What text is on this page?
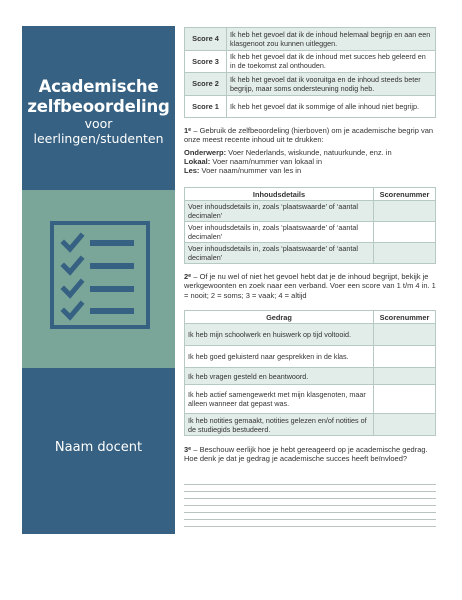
Academische
zelfbeoordeling
voor
leerlingen/studenten
Naam docent
Score 4	Ik heb het gevoel dat ik de inhoud helemaal begrijp en aan een klasgenoot zou kunnen uitleggen.
Score 3	Ik heb het gevoel dat ik de inhoud met succes heb geleerd en in de toekomst zal onthouden.
Score 2	Ik heb het gevoel dat ik vooruitga en de inhoud steeds beter begrijp, maar soms ondersteuning nodig heb.
Score 1	Ik heb het gevoel dat ik sommige of alle inhoud niet begrijp.
1e – Gebruik de zelfbeoordeling (hierboven) om je academische begrip van onze meest recente inhoud uit te drukken:
Onderwerp: Voer Nederlands, wiskunde, natuurkunde, enz. in
Lokaal: Voer naam/nummer van lokaal in
Les: Voer naam/nummer van les in
Inhoudsdetails	Scorenummer
Voer inhoudsdetails in, zoals ‘plaatswaarde’ of ‘aantal decimalen’	
Voer inhoudsdetails in, zoals ‘plaatswaarde’ of ‘aantal decimalen’	
Voer inhoudsdetails in, zoals ‘plaatswaarde’ of ‘aantal decimalen’	
2e – Of je nu wel of niet het gevoel hebt dat je de inhoud begrijpt, bekijk je werkgewoonten en zoek naar een verband. Voer een score van 1 t/m 4 in. 1 = nooit; 2 = soms; 3 = vaak; 4 = altijd
Gedrag	Scorenummer
Ik heb mijn schoolwerk en huiswerk op tijd voltooid.	
Ik heb goed geluisterd naar gesprekken in de klas.	
Ik heb vragen gesteld en beantwoord.	
Ik heb actief samengewerkt met mijn klasgenoten, maar alleen wanneer dat gepast was.	
Ik heb notities gemaakt, notities gelezen en/of notities of de studiegids bestudeerd.	
3e – Beschouw eerlijk hoe je hebt gereageerd op je academische gedrag. Hoe denk je dat je gedrag je academische succes heeft beïnvloed?
